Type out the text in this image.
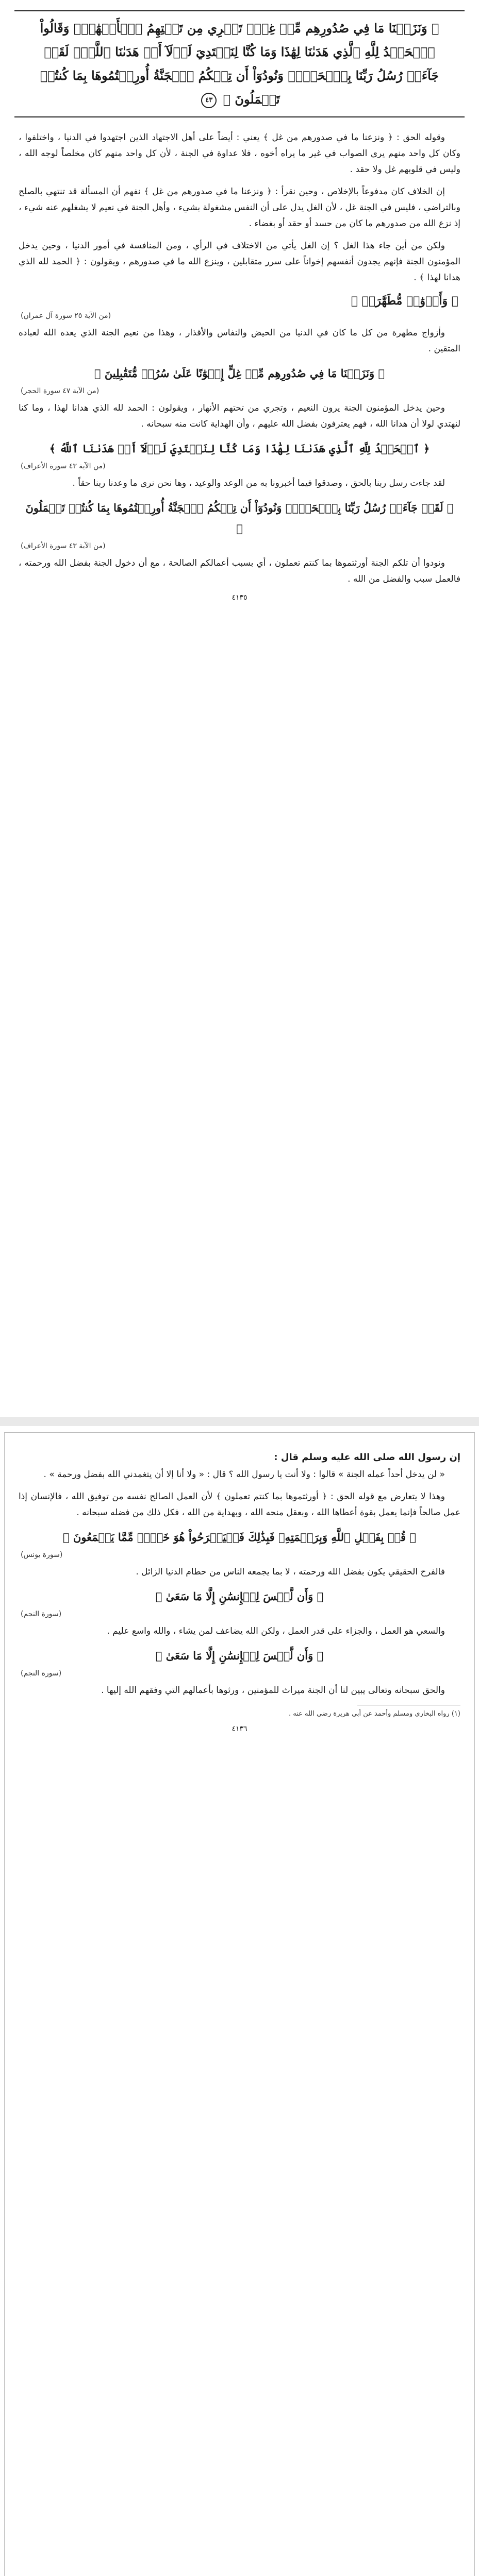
﴿ وَنَزَعۡنَا مَا فِي صُدُورِهِم مِّنۡ غِلّٖ تَجۡرِي مِن تَحۡتِهِمُ ٱلۡأَنۡهَٰرُۖ وَقَالُواْ ٱلۡحَمۡدُ لِلَّهِ ٱلَّذِي هَدَىٰنَا لِهَٰذَا وَمَا كُنَّا لِنَهۡتَدِيَ لَوۡلَآ أَنۡ هَدَىٰنَا ٱللَّهُۖ لَقَدۡ جَآءَتۡ رُسُلُ رَبِّنَا بِٱلۡحَقِّۖ وَنُودُوٓاْ أَن تِلۡكُمُ ٱلۡجَنَّةُ أُورِثۡتُمُوهَا بِمَا كُنتُمۡ تَعۡمَلُونَ ﴾ ٤٣

وقوله الحق : ﴿ ونزعنا ما في صدورهم من غل ﴾ يعني : أيضاً على أهل الاجتهاد الذين اجتهدوا في الدنيا ، واختلفوا ، وكان كل واحد منهم يرى الصواب في غير ما يراه أخوه ، فلا عداوة في الجنة ، لأن كل واحد منهم كان مخلصاً لوجه الله ، وليس في قلوبهم غل ولا حقد .

إن الخلاف كان مدفوعاً بالإخلاص ، وحين نقرأ : ﴿ ونزعنا ما في صدورهم من غل ﴾ نفهم أن المسألة قد تنتهي بالصلح وبالتراضي ، فليس في الجنة غل ، لأن الغل يدل على أن النفس مشغولة بشيء ، وأهل الجنة في نعيم لا يشغلهم عنه شيء ، إذ نزع الله من صدورهم ما كان من حسد أو حقد أو بغضاء .

ولكن من أين جاء هذا الغل ؟ إن الغل يأتي من الاختلاف في الرأي ، ومن المنافسة في أمور الدنيا ، وحين يدخل المؤمنون الجنة فإنهم يجدون أنفسهم إخواناً على سرر متقابلين ، وينزع الله ما في صدورهم ، ويقولون : ﴿ الحمد لله الذي هدانا لهذا ﴾ .

﴿ وَأَزۡوَٰجٞ مُّطَهَّرَةٞ ﴾
(من الآية ٢٥ سورة آل عمران)

وأزواج مطهرة من كل ما كان في الدنيا من الحيض والنفاس والأقذار ، وهذا من نعيم الجنة الذي يعده الله لعباده المتقين .

﴿ وَنَزَعۡنَا مَا فِي صُدُورِهِم مِّنۡ غِلٍّ إِخۡوَٰنًا عَلَىٰ سُرُرٖ مُّتَقَٰبِلِينَ ﴾
(من الآية ٤٧ سورة الحجر)

وحين يدخل المؤمنون الجنة يرون النعيم ، وتجري من تحتهم الأنهار ، ويقولون : الحمد لله الذي هدانا لهذا ، وما كنا لنهتدي لولا أن هدانا الله ، فهم يعترفون بفضل الله عليهم ، وأن الهداية كانت منه سبحانه .

﴿ ٱلۡحَمۡدُ لِلَّهِ ٱلَّذِي هَدَىٰنَا لِهَٰذَا وَمَا كُنَّا لِنَهۡتَدِيَ لَوۡلَآ أَنۡ هَدَىٰنَا ٱللَّهُ ﴾
(من الآية ٤٣ سورة الأعراف)

لقد جاءت رسل ربنا بالحق ، وصدقوا فيما أخبرونا به من الوعد والوعيد ، وها نحن نرى ما وعدنا ربنا حقاً .

﴿ لَقَدۡ جَآءَتۡ رُسُلُ رَبِّنَا بِٱلۡحَقِّۖ وَنُودُوٓاْ أَن تِلۡكُمُ ٱلۡجَنَّةُ أُورِثۡتُمُوهَا بِمَا كُنتُمۡ تَعۡمَلُونَ ﴾
(من الآية ٤٣ سورة الأعراف)

ونودوا أن تلكم الجنة أورثتموها بما كنتم تعملون ، أي بسبب أعمالكم الصالحة ، مع أن دخول الجنة بفضل الله ورحمته ، فالعمل سبب والفضل من الله .

٤١٣٥

إن رسول الله صلى الله عليه وسلم قال :

« لن يدخل أحداً عمله الجنة » قالوا : ولا أنت يا رسول الله ؟ قال : « ولا أنا إلا أن يتغمدني الله بفضل ورحمة » .

وهذا لا يتعارض مع قوله الحق : ﴿ أورثتموها بما كنتم تعملون ﴾ لأن العمل الصالح نفسه من توفيق الله ، فالإنسان إذا عمل صالحاً فإنما يعمل بقوة أعطاها الله ، وبعقل منحه الله ، وبهداية من الله ، فكل ذلك من فضله سبحانه .

﴿ قُلۡ بِفَضۡلِ ٱللَّهِ وَبِرَحۡمَتِهِۦ فَبِذَٰلِكَ فَلۡيَفۡرَحُواْ هُوَ خَيۡرٞ مِّمَّا يَجۡمَعُونَ ﴾
(سورة يونس)

فالفرح الحقيقي يكون بفضل الله ورحمته ، لا بما يجمعه الناس من حطام الدنيا الزائل .

﴿ وَأَن لَّيۡسَ لِلۡإِنسَٰنِ إِلَّا مَا سَعَىٰ ﴾
(سورة النجم)

والسعي هو العمل ، والجزاء على قدر العمل ، ولكن الله يضاعف لمن يشاء ، والله واسع عليم .

﴿ وَأَن لَّيۡسَ لِلۡإِنسَٰنِ إِلَّا مَا سَعَىٰ ﴾
(سورة النجم)

والحق سبحانه وتعالى يبين لنا أن الجنة ميراث للمؤمنين ، ورثوها بأعمالهم التي وفقهم الله إليها .

(١) رواه البخاري ومسلم وأحمد عن أبي هريرة رضي الله عنه .

٤١٣٦
